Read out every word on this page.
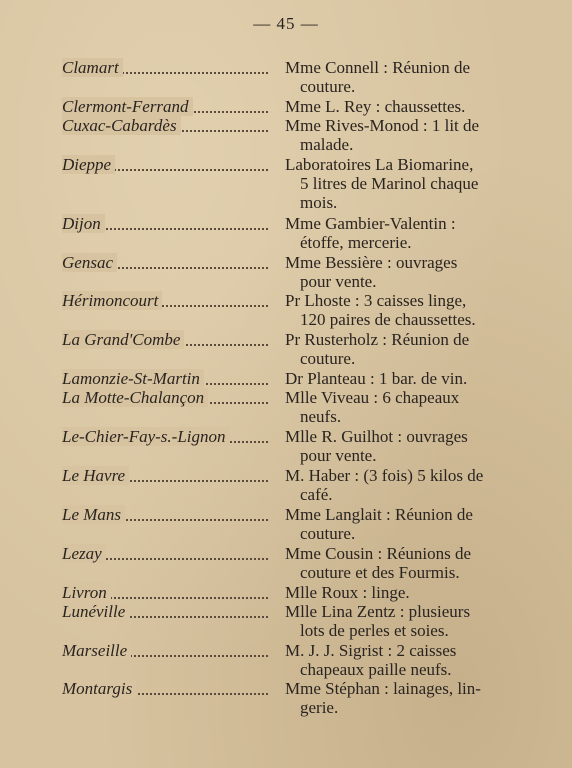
— 45 —
Clamart	Mme Connell : Réunion de
couture.
Clermont-Ferrand	Mme L. Rey : chaussettes.
Cuxac-Cabardès	Mme Rives-Monod : 1 lit de
malade.
Dieppe	Laboratoires La Biomarine,
5 litres de Marinol chaque
mois.
Dijon	Mme Gambier-Valentin :
étoffe, mercerie.
Gensac	Mme Bessière : ouvrages
pour vente.
Hérimoncourt	Pr Lhoste : 3 caisses linge,
120 paires de chaussettes.
La Grand'Combe	Pr Rusterholz : Réunion de
couture.
Lamonzie-St-Martin	Dr Planteau : 1 bar. de vin.
La Motte-Chalançon	Mlle Viveau : 6 chapeaux
neufs.
Le-Chier-Fay-s.-Lignon	Mlle R. Guilhot : ouvrages
pour vente.
Le Havre	M. Haber : (3 fois) 5 kilos de
café.
Le Mans	Mme Langlait : Réunion de
couture.
Lezay	Mme Cousin : Réunions de
couture et des Fourmis.
Livron	Mlle Roux : linge.
Lunéville	Mlle Lina Zentz : plusieurs
lots de perles et soies.
Marseille	M. J. J. Sigrist : 2 caisses
chapeaux paille neufs.
Montargis	Mme Stéphan : lainages, lin-
gerie.
